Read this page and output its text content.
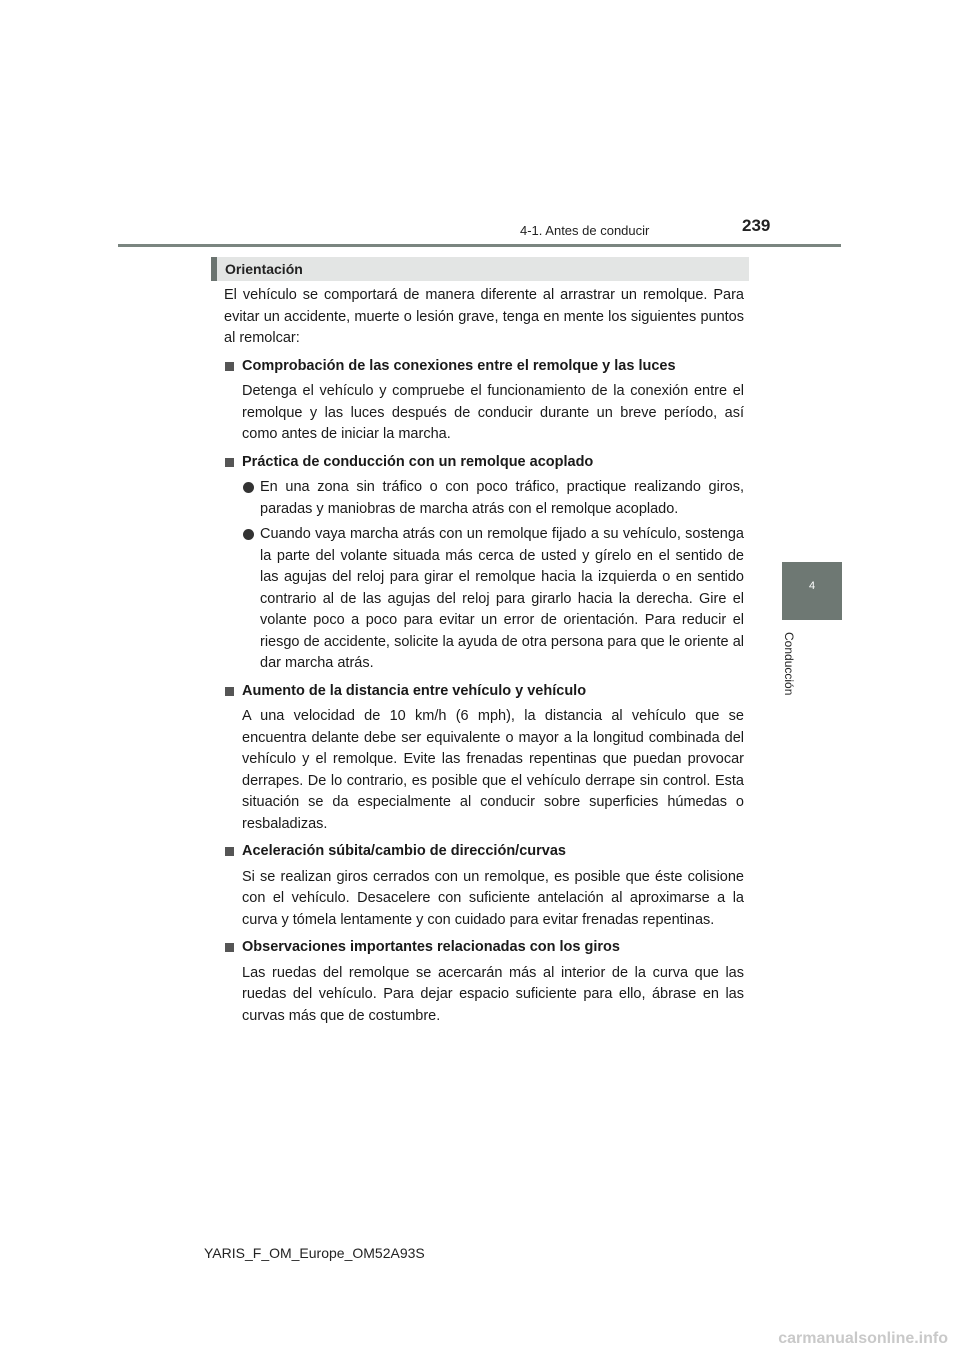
4-1. Antes de conducir	239
4
Conducción
Orientación

El vehículo se comportará de manera diferente al arrastrar un remolque. Para evitar un accidente, muerte o lesión grave, tenga en mente los siguientes puntos al remolcar:

Comprobación de las conexiones entre el remolque y las luces

Detenga el vehículo y compruebe el funcionamiento de la conexión entre el remolque y las luces después de conducir durante un breve período, así como antes de iniciar la marcha.

Práctica de conducción con un remolque acoplado

En una zona sin tráfico o con poco tráfico, practique realizando giros, paradas y maniobras de marcha atrás con el remolque acoplado.
Cuando vaya marcha atrás con un remolque fijado a su vehículo, sostenga la parte del volante situada más cerca de usted y gírelo en el sentido de las agujas del reloj para girar el remolque hacia la izquierda o en sentido contrario al de las agujas del reloj para girarlo hacia la derecha. Gire el volante poco a poco para evitar un error de orientación. Para reducir el riesgo de accidente, solicite la ayuda de otra persona para que le oriente al dar marcha atrás.

Aumento de la distancia entre vehículo y vehículo

A una velocidad de 10 km/h (6 mph), la distancia al vehículo que se encuentra delante debe ser equivalente o mayor a la longitud combinada del vehículo y el remolque. Evite las frenadas repentinas que puedan provocar derrapes. De lo contrario, es posible que el vehículo derrape sin control. Esta situación se da especialmente al conducir sobre superficies húmedas o resbaladizas.

Aceleración súbita/cambio de dirección/curvas

Si se realizan giros cerrados con un remolque, es posible que éste colisione con el vehículo. Desacelere con suficiente antelación al aproximarse a la curva y tómela lentamente y con cuidado para evitar frenadas repentinas.

Observaciones importantes relacionadas con los giros

Las ruedas del remolque se acercarán más al interior de la curva que las ruedas del vehículo. Para dejar espacio suficiente para ello, ábrase en las curvas más que de costumbre.

YARIS_F_OM_Europe_OM52A93S
carmanualsonline.info
